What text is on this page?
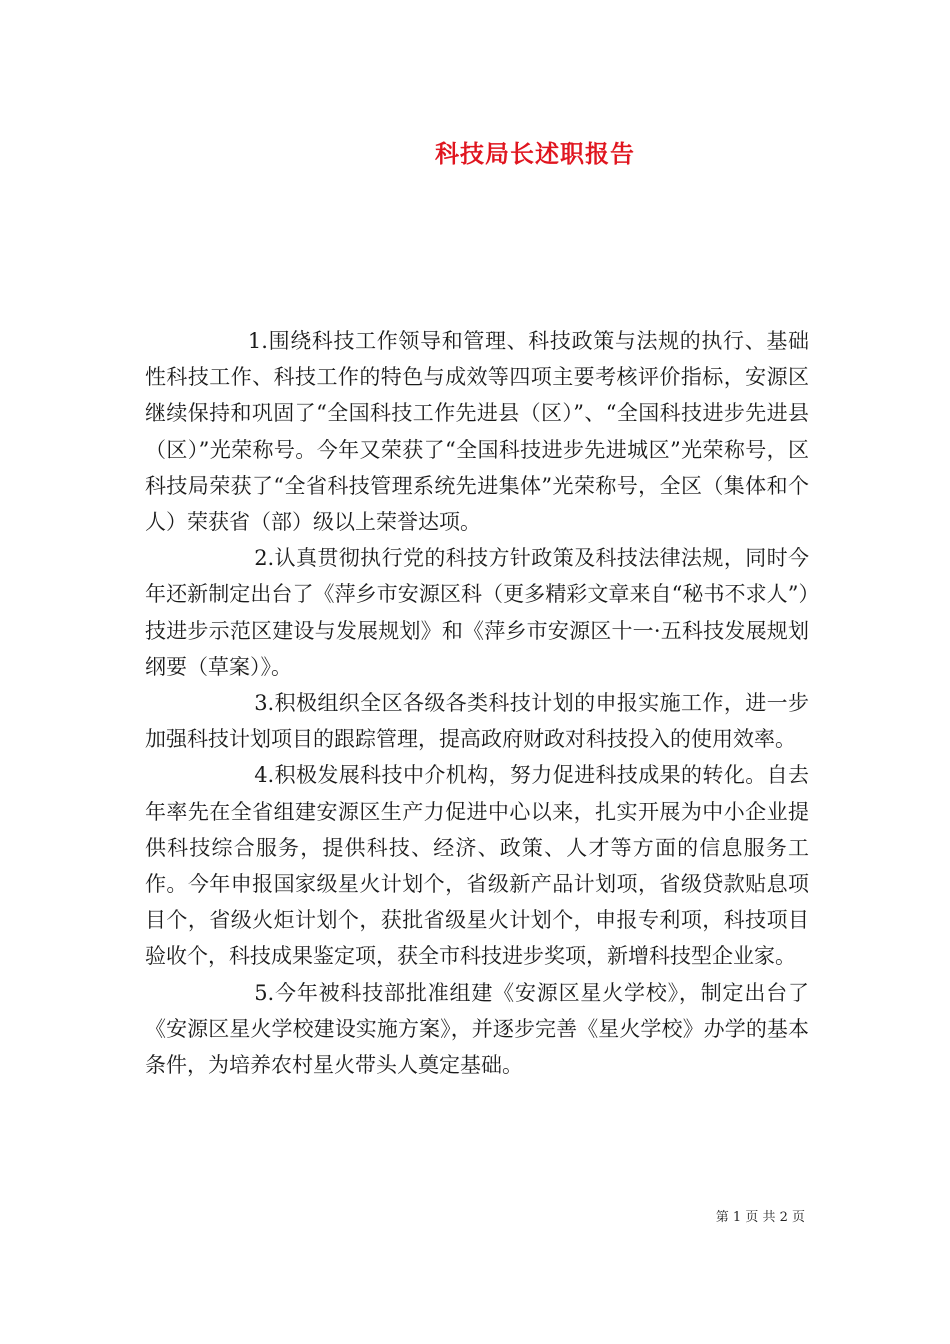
科技局长述职报告

1.围绕科技工作领导和管理、科技政策与法规的执行、基础性科技工作、科技工作的特色与成效等四项主要考核评价指标，安源区继续保持和巩固了“全国科技工作先进县（区）”、“全国科技进步先进县（区）”光荣称号。今年又荣获了“全国科技进步先进城区”光荣称号，区科技局荣获了“全省科技管理系统先进集体”光荣称号，全区（集体和个人）荣获省（部）级以上荣誉达项。

2.认真贯彻执行党的科技方针政策及科技法律法规，同时今年还新制定出台了《萍乡市安源区科（更多精彩文章来自“秘书不求人”）技进步示范区建设与发展规划》和《萍乡市安源区十一·五科技发展规划纲要（草案）》。

3.积极组织全区各级各类科技计划的申报实施工作，进一步加强科技计划项目的跟踪管理，提高政府财政对科技投入的使用效率。

4.积极发展科技中介机构，努力促进科技成果的转化。自去年率先在全省组建安源区生产力促进中心以来，扎实开展为中小企业提供科技综合服务，提供科技、经济、政策、人才等方面的信息服务工作。今年申报国家级星火计划个，省级新产品计划项，省级贷款贴息项目个，省级火炬计划个，获批省级星火计划个，申报专利项，科技项目验收个，科技成果鉴定项，获全市科技进步奖项，新增科技型企业家。

5.今年被科技部批准组建《安源区星火学校》，制定出台了《安源区星火学校建设实施方案》，并逐步完善《星火学校》办学的基本条件，为培养农村星火带头人奠定基础。

第 1 页 共 2 页
